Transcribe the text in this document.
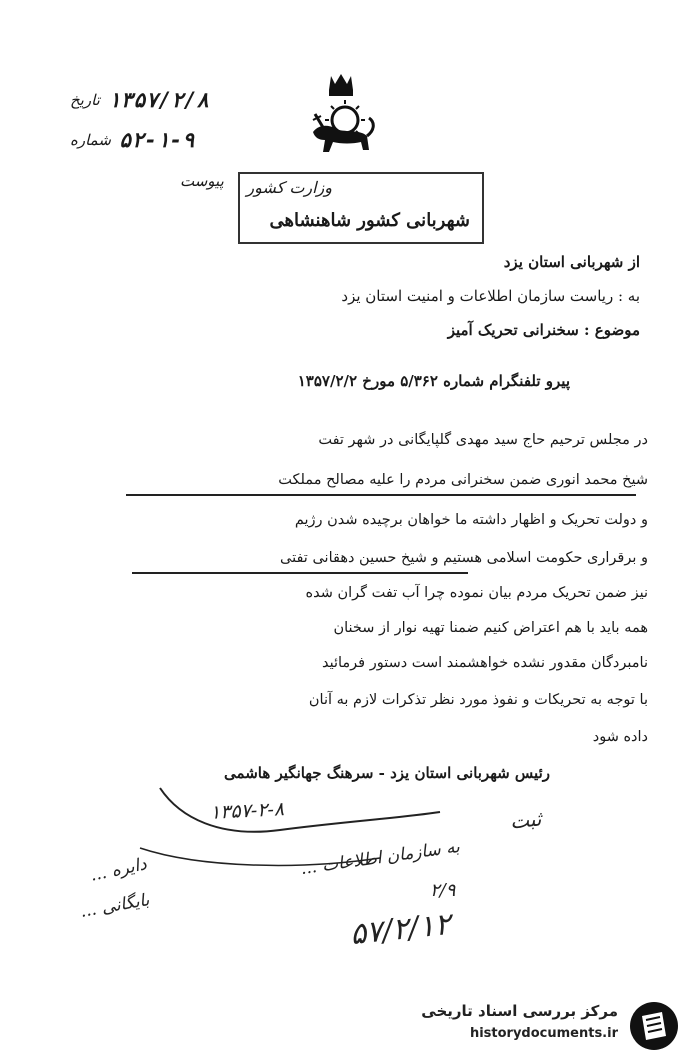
تاریخ ۱۳۵۷/۲/۸
شماره ۵۲-۱-۹
پیوست وزارت کشور
شهربانی کشور شاهنشاهی
از شهربانی استان یزد
به : ریاست سازمان اطلاعات و امنیت استان یزد
موضوع : سخنرانی تحریک آمیز
پیرو تلفنگرام شماره ۵/۳۶۲ مورخ ۱۳۵۷/۲/۲
در مجلس ترحیم حاج سید مهدی گلپایگانی در شهر تفت
شیخ محمد انوری ضمن سخنرانی مردم را علیه مصالح مملکت
و دولت تحریک و اظهار داشته ما خواهان برچیده شدن رژیم
و برقراری حکومت اسلامی هستیم و شیخ حسین دهقانی تفتی
نیز ضمن تحریک مردم بیان نموده چرا آب تفت گران شده
همه باید با هم اعتراض کنیم ضمنا تهیه نوار از سخنان
نامبردگان مقدور نشده خواهشمند است دستور فرمائید
با توجه به تحریکات و نفوذ مورد نظر تذکرات لازم به آنان
داده شود
رئیس شهربانی استان یزد - سرهنگ جهانگیر هاشمی
۱۳۵۷-۲-۸	ثبت
به سازمان اطلاعات ...
دایره ...
بایگانی ...	۲/۹
۵۷/۲/۱۲
مرکز بررسی اسناد تاریخی
historydocuments.ir
